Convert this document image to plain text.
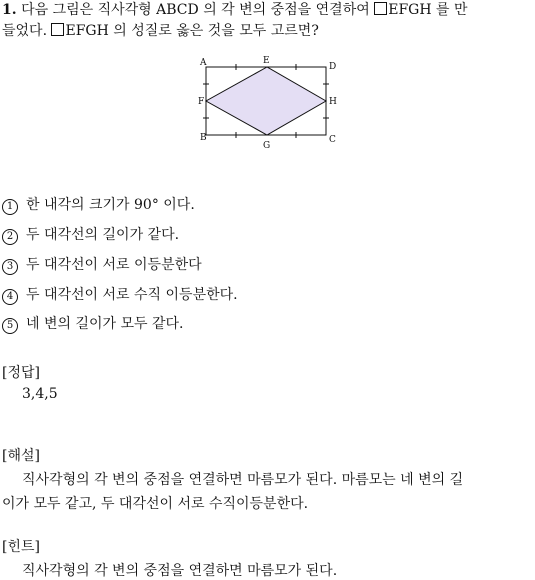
1. 다음 그림은 직사각형 ABCD 의 각 변의 중점을 연결하여 EFGH 를 만
들었다. EFGH 의 성질로 옳은 것을 모두 고르면?
A	D
E
F	H
B	C
G
1 한 내각의 크기가 90° 이다.
2 두 대각선의 길이가 같다.
3 두 대각선이 서로 이등분한다
4 두 대각선이 서로 수직 이등분한다.
5 네 변의 길이가 모두 같다.
[정답]
3,4,5
[해설]
직사각형의 각 변의 중점을 연결하면 마름모가 된다. 마름모는 네 변의 길
이가 모두 같고, 두 대각선이 서로 수직이등분한다.
[힌트]
직사각형의 각 변의 중점을 연결하면 마름모가 된다.
